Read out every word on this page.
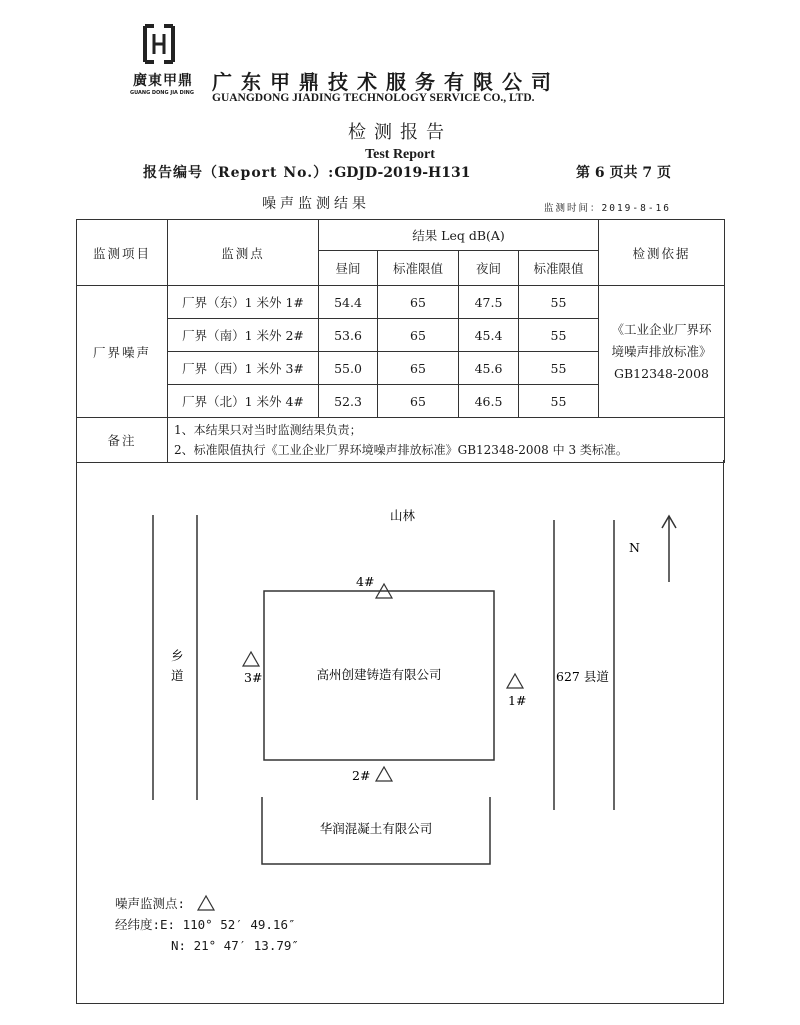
廣東甲鼎
GUANG DONG JIA DING 广东甲鼎技术服务有限公司
GUANGDONG JIADING TECHNOLOGY SERVICE CO., LTD.
检测报告
Test Report
报告编号（Report No.）:GDJD-2019-H131	第 6 页共 7 页
噪声监测结果	监测时间：2019-8-16
监测项目	监测点	结果 Leq dB(A)				检测依据
		昼间	标准限值	夜间	标准限值	
厂界噪声	厂界（东）1 米外 1#	54.4	65	47.5	55	《工业企业厂界环
境噪声排放标准》
GB12348-2008

	厂界（南）1 米外 2#	53.6	65	45.4	55	
	厂界（西）1 米外 3#	55.0	65	45.6	55	
	厂界（北）1 米外 4#	52.3	65	46.5	55	
备注	1、本结果只对当时监测结果负责；
2、标准限值执行《工业企业厂界环境噪声排放标准》GB12348-2008 中 3 类标准。					
山林
N
高州创建铸造有限公司	627 县道
华润混凝土有限公司
4#
2#
3#
1#
乡道
噪声监测点:
经纬度:E: 110° 52′ 49.16″
N: 21° 47′ 13.79″
